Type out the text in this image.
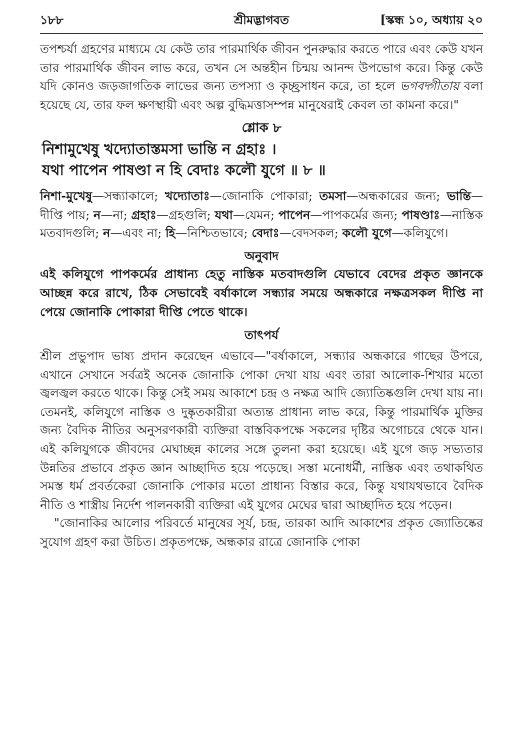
১৮৮	শ্রীমদ্ভাগবত	[স্কন্ধ ১০, অধ্যায় ২০

তপশ্চর্যা গ্রহণের মাধ্যমে যে কেউ তার পারমার্থিক জীবন পুনরুদ্ধার করতে পারে এবং কেউ যখন তার পারমার্থিক জীবন লাভ করে, তখন সে অন্তহীন চিন্ময় আনন্দ উপভোগ করে। কিন্তু কেউ যদি কোনও জড়জাগতিক লাভের জন্য তপস্যা ও কৃচ্ছ্রসাধন করে, তা হলে ভগবদ্গীতায় বলা হয়েছে যে, তার ফল ক্ষণস্থায়ী এবং অল্প বুদ্ধিমত্তাসম্পন্ন মানুষেরাই কেবল তা কামনা করে।"

শ্লোক ৮

নিশামুখেষু খদ্যোতাস্তমসা ভান্তি ন গ্রহাঃ ।
যথা পাপেন পাষণ্ডা ন হি বেদাঃ কলৌ যুগে ॥ ৮ ॥

নিশা-মুখেষু—সন্ধ্যাকালে; খদ্যোতাঃ—জোনাকি পোকারা; তমসা—অন্ধকারের জন্য; ভান্তি—দীপ্তি পায়; ন—না; গ্রহাঃ—গ্রহগুলি; যথা—যেমন; পাপেন—পাপকর্মের জন্য; পাষণ্ডাঃ—নাস্তিক মতবাদগুলি; ন—এবং না; হি—নিশ্চিতভাবে; বেদাঃ—বেদসকল; কলৌ যুগে—কলিযুগে।

অনুবাদ

এই কলিযুগে পাপকর্মের প্রাধান্য হেতু নাস্তিক মতবাদগুলি যেভাবে বেদের প্রকৃত জ্ঞানকে আচ্ছন্ন করে রাখে, ঠিক সেভাবেই বর্ষাকালে সন্ধ্যার সময়ে অন্ধকারে নক্ষত্রসকল দীপ্তি না পেয়ে জোনাকি পোকারা দীপ্তি পেতে থাকে।

তাৎপর্য

শ্রীল প্রভুপাদ ভাষ্য প্রদান করেছেন এভাবে—"বর্ষাকালে, সন্ধ্যার অন্ধকারে গাছের উপরে, এখানে সেখানে সর্বত্রই অনেক জোনাকি পোকা দেখা যায় এবং তারা আলোক-শিখার মতো জ্বলজ্বল করতে থাকে। কিন্তু সেই সময় আকাশে চন্দ্র ও নক্ষত্র আদি জ্যোতিষ্কগুলি দেখা যায় না। তেমনই, কলিযুগে নাস্তিক ও দুষ্কৃতকারীরা অত্যন্ত প্রাধান্য লাভ করে, কিন্তু পারমার্থিক মুক্তির জন্য বৈদিক নীতির অনুসরণকারী ব্যক্তিরা বাস্তবিকপক্ষে সকলের দৃষ্টির অগোচরে থেকে যান। এই কলিযুগকে জীবদের মেঘাচ্ছন্ন কালের সঙ্গে তুলনা করা হয়েছে। এই যুগে জড় সভ্যতার উন্নতির প্রভাবে প্রকৃত জ্ঞান আচ্ছাদিত হয়ে পড়েছে। সস্তা মনোধর্মী, নাস্তিক এবং তথাকথিত সমস্ত ধর্ম প্রবর্তকেরা জোনাকি পোকার মতো প্রাধান্য বিস্তার করে, কিন্তু যথাযথভাবে বৈদিক নীতি ও শাস্ত্রীয় নির্দেশ পালনকারী ব্যক্তিরা এই যুগের মেঘের দ্বারা আচ্ছাদিত হয়ে পড়েন।

"জোনাকির আলোর পরিবর্তে মানুষের সূর্য, চন্দ্র, তারকা আদি আকাশের প্রকৃত জ্যোতিষ্কের সুযোগ গ্রহণ করা উচিত। প্রকৃতপক্ষে, অন্ধকার রাত্রে জোনাকি পোকা
